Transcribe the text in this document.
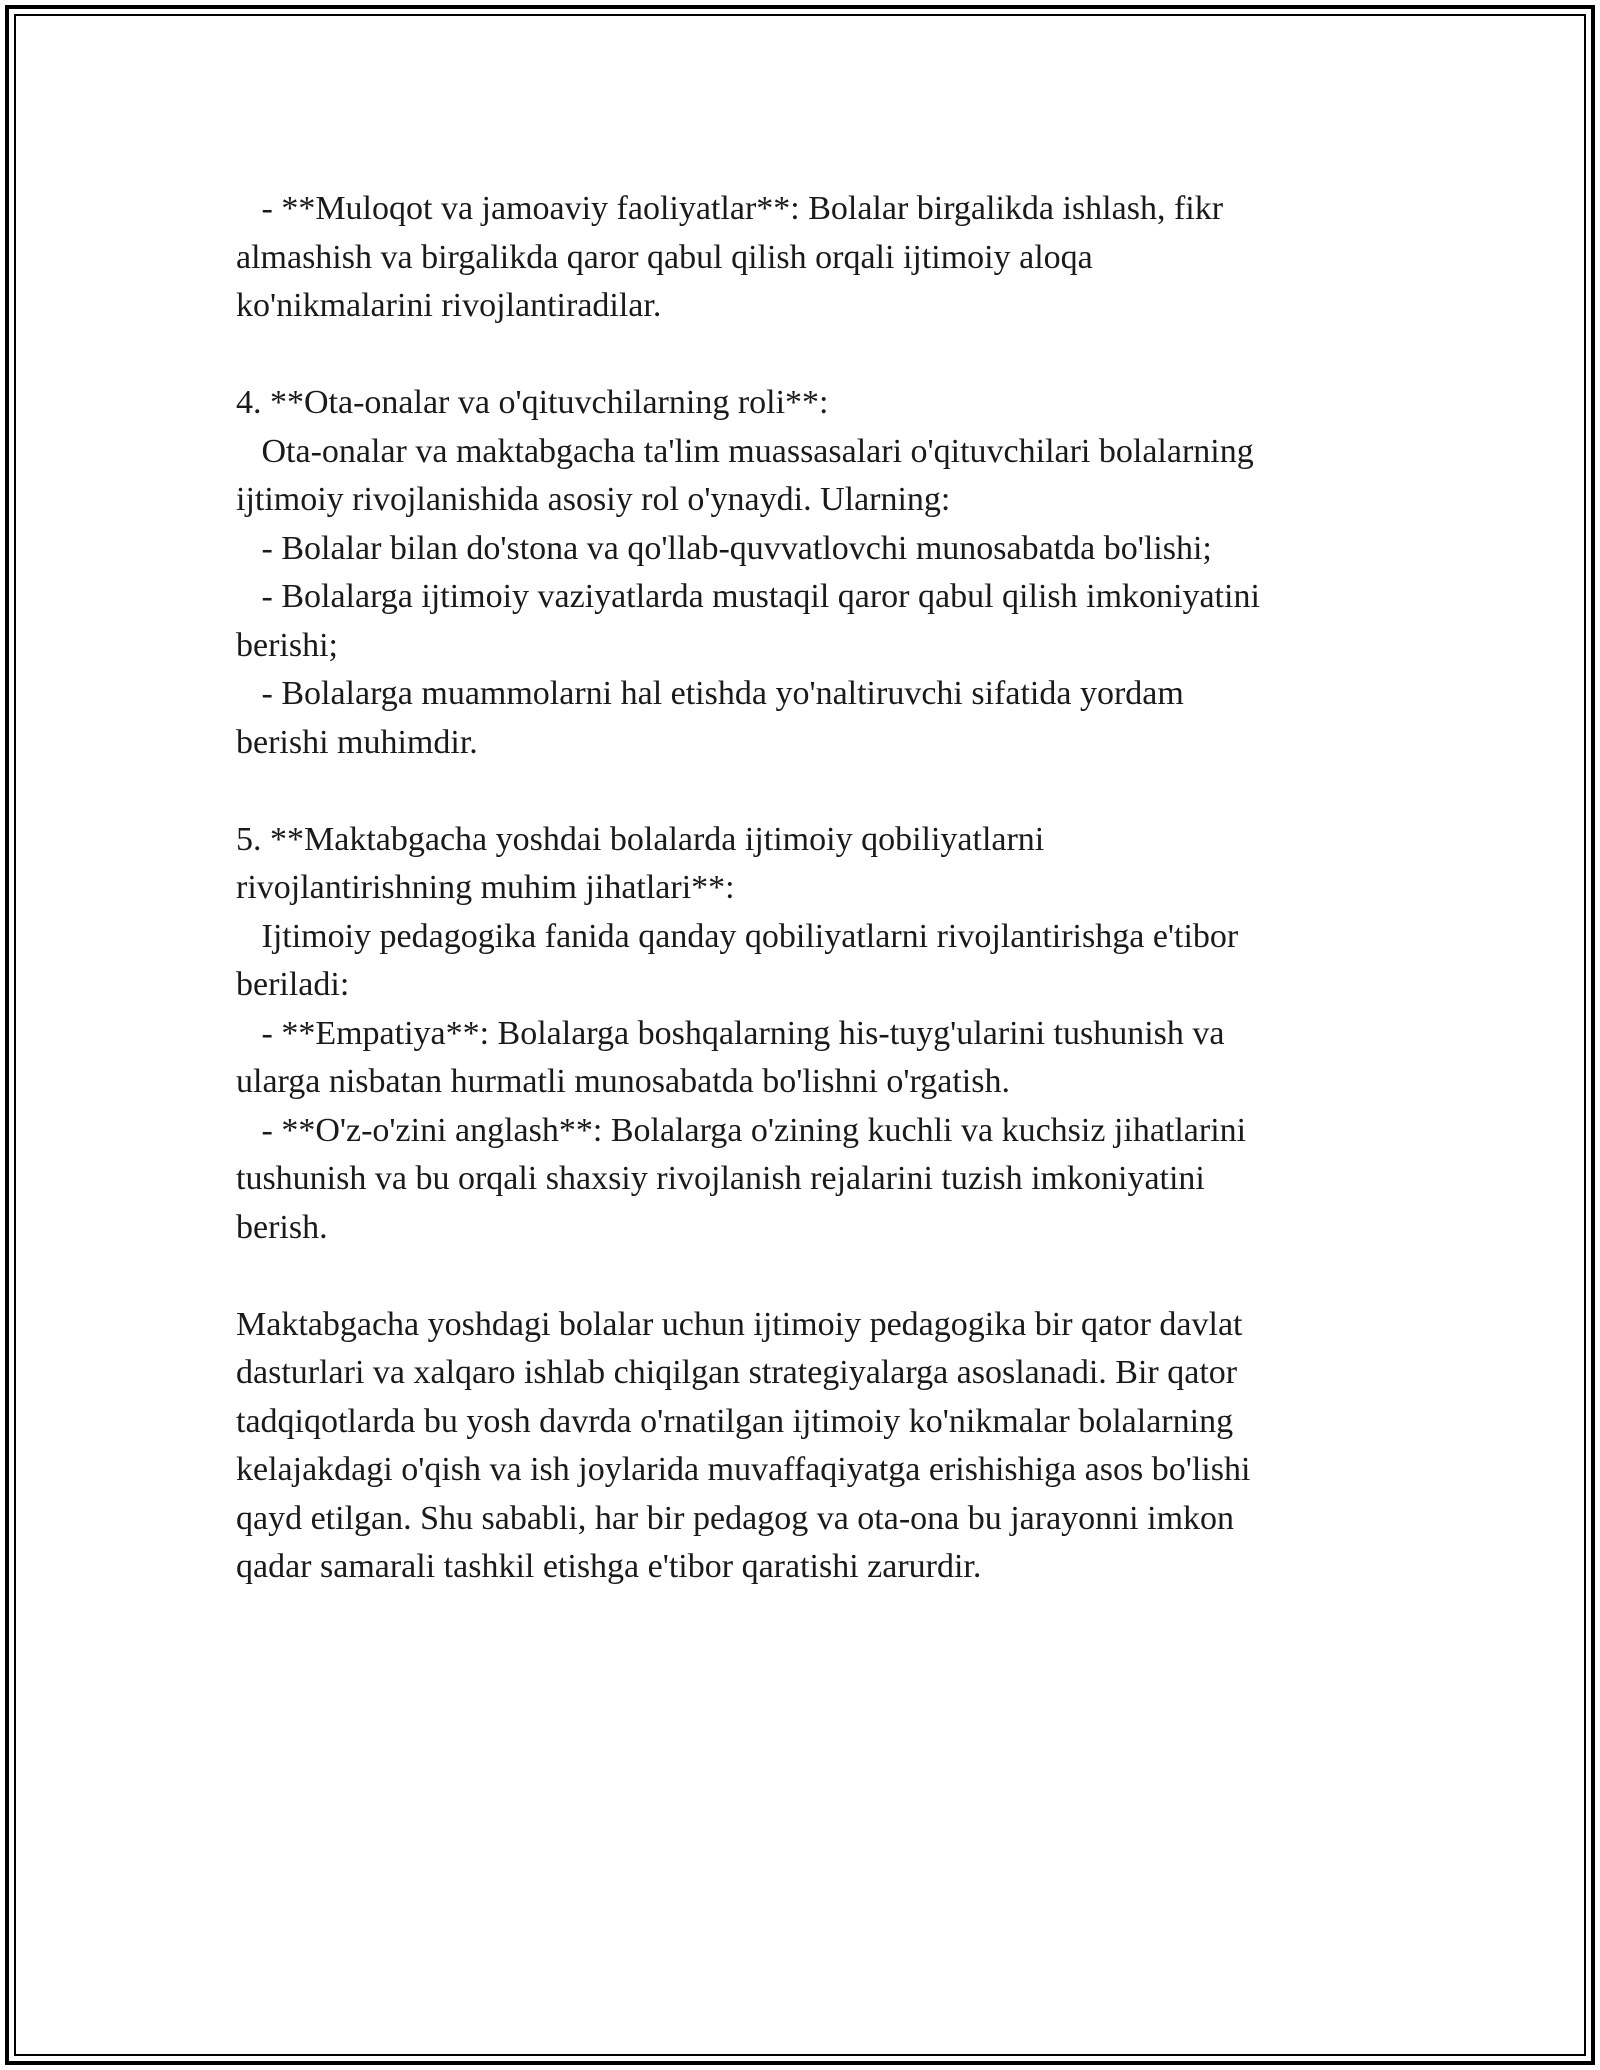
- **Muloqot va jamoaviy faoliyatlar**: Bolalar birgalikda ishlash, fikr
almashish va birgalikda qaror qabul qilish orqali ijtimoiy aloqa
ko'nikmalarini rivojlantiradilar.
4. **Ota-onalar va o'qituvchilarning roli**:
Ota-onalar va maktabgacha ta'lim muassasalari o'qituvchilari bolalarning
ijtimoiy rivojlanishida asosiy rol o'ynaydi. Ularning:
- Bolalar bilan do'stona va qo'llab-quvvatlovchi munosabatda bo'lishi;
- Bolalarga ijtimoiy vaziyatlarda mustaqil qaror qabul qilish imkoniyatini
berishi;
- Bolalarga muammolarni hal etishda yo'naltiruvchi sifatida yordam
berishi muhimdir.
5. **Maktabgacha yoshdai bolalarda ijtimoiy qobiliyatlarni
rivojlantirishning muhim jihatlari**:
Ijtimoiy pedagogika fanida qanday qobiliyatlarni rivojlantirishga e'tibor
beriladi:
- **Empatiya**: Bolalarga boshqalarning his-tuyg'ularini tushunish va
ularga nisbatan hurmatli munosabatda bo'lishni o'rgatish.
- **O'z-o'zini anglash**: Bolalarga o'zining kuchli va kuchsiz jihatlarini
tushunish va bu orqali shaxsiy rivojlanish rejalarini tuzish imkoniyatini
berish.
Maktabgacha yoshdagi bolalar uchun ijtimoiy pedagogika bir qator davlat
dasturlari va xalqaro ishlab chiqilgan strategiyalarga asoslanadi. Bir qator
tadqiqotlarda bu yosh davrda o'rnatilgan ijtimoiy ko'nikmalar bolalarning
kelajakdagi o'qish va ish joylarida muvaffaqiyatga erishishiga asos bo'lishi
qayd etilgan. Shu sababli, har bir pedagog va ota-ona bu jarayonni imkon
qadar samarali tashkil etishga e'tibor qaratishi zarurdir.
